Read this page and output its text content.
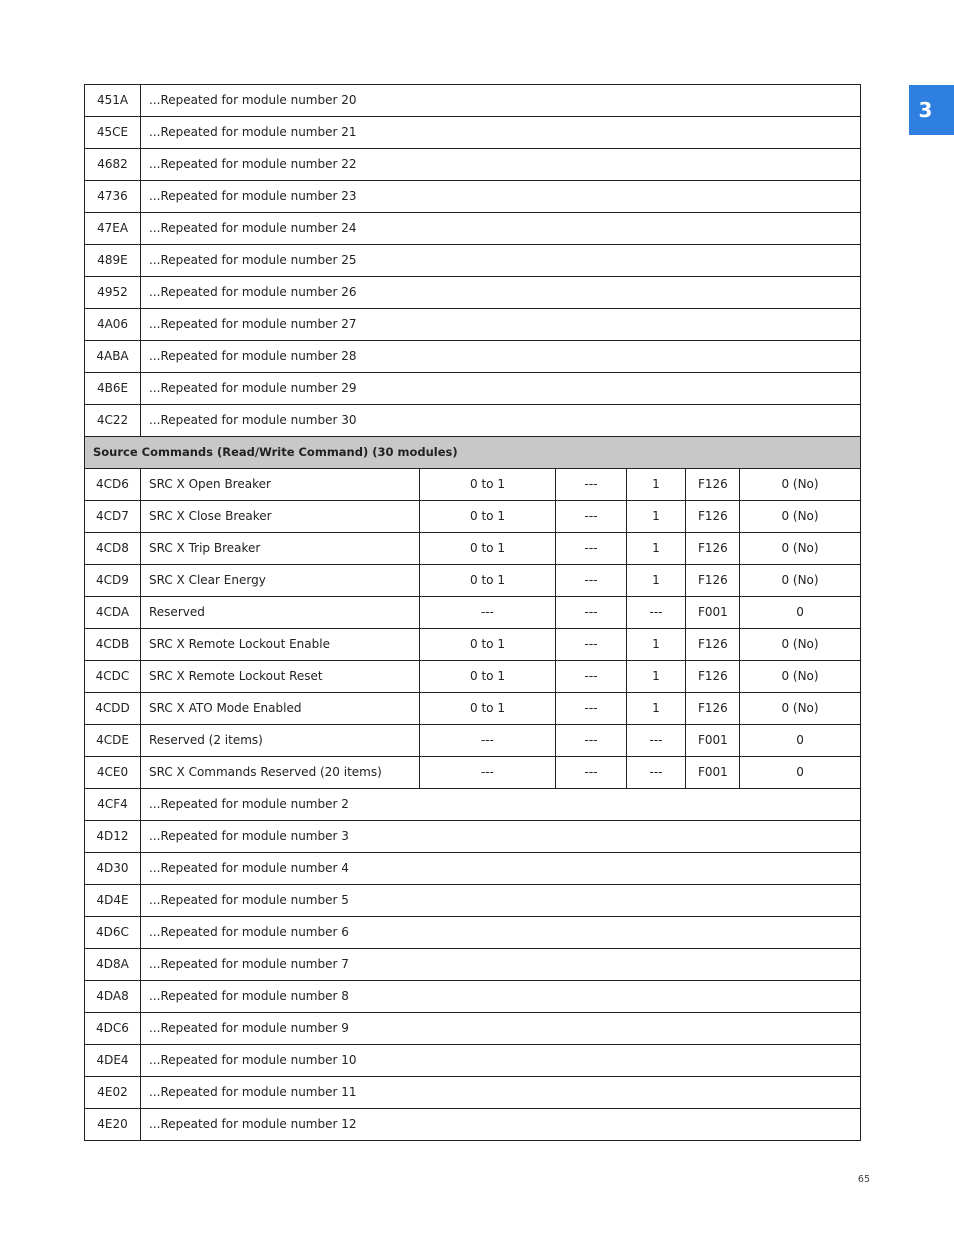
3
451A	...Repeated for module number 20					
45CE	...Repeated for module number 21					
4682	...Repeated for module number 22					
4736	...Repeated for module number 23					
47EA	...Repeated for module number 24					
489E	...Repeated for module number 25					
4952	...Repeated for module number 26					
4A06	...Repeated for module number 27					
4ABA	...Repeated for module number 28					
4B6E	...Repeated for module number 29					
4C22	...Repeated for module number 30					
Source Commands (Read/Write Command) (30 modules)						
4CD6	SRC X Open Breaker	0 to 1	---	1	F126	0 (No)
4CD7	SRC X Close Breaker	0 to 1	---	1	F126	0 (No)
4CD8	SRC X Trip Breaker	0 to 1	---	1	F126	0 (No)
4CD9	SRC X Clear Energy	0 to 1	---	1	F126	0 (No)
4CDA	Reserved	---	---	---	F001	0
4CDB	SRC X Remote Lockout Enable	0 to 1	---	1	F126	0 (No)
4CDC	SRC X Remote Lockout Reset	0 to 1	---	1	F126	0 (No)
4CDD	SRC X ATO Mode Enabled	0 to 1	---	1	F126	0 (No)
4CDE	Reserved (2 items)	---	---	---	F001	0
4CE0	SRC X Commands Reserved (20 items)	---	---	---	F001	0
4CF4	...Repeated for module number 2					
4D12	...Repeated for module number 3					
4D30	...Repeated for module number 4					
4D4E	...Repeated for module number 5					
4D6C	...Repeated for module number 6					
4D8A	...Repeated for module number 7					
4DA8	...Repeated for module number 8					
4DC6	...Repeated for module number 9					
4DE4	...Repeated for module number 10					
4E02	...Repeated for module number 11					
4E20	...Repeated for module number 12					
65
